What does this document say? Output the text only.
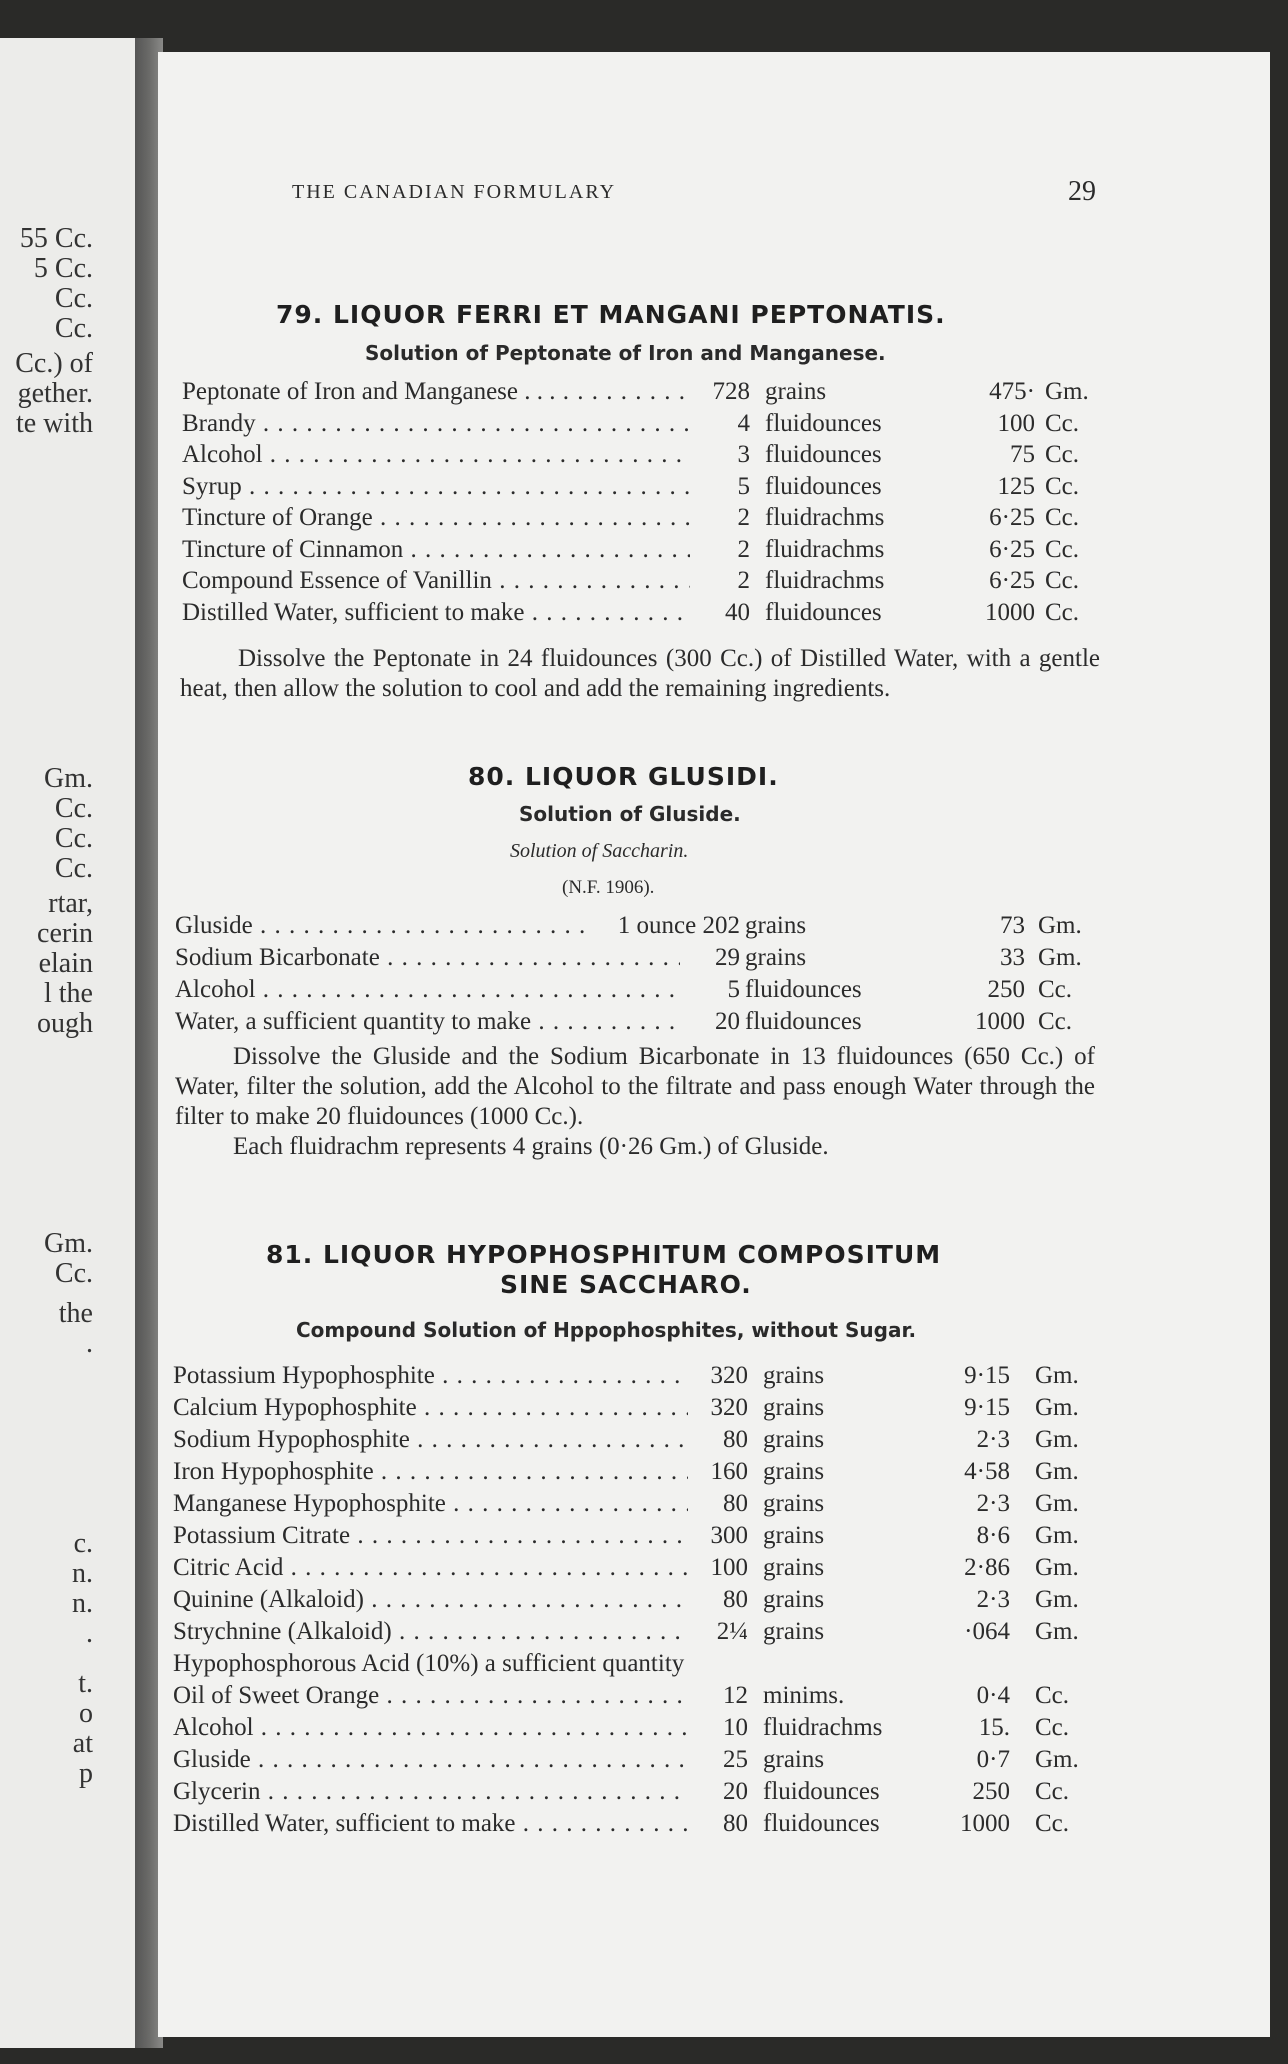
55 Cc.
5 Cc.
Cc.
Cc.
Cc.) of
gether.
te with
Gm.
Cc.
Cc.
Cc.
rtar,
cerin
elain
l the
ough
Gm.
Cc.
the
.
c.
n.
n.
.
t.
o
at
p
THE CANADIAN FORMULARY	29
79. LIQUOR FERRI ET MANGANI PEPTONATIS.
Solution of Peptonate of Iron and Manganese.
Peptonate of Iron and Manganese . . . . . .	728 grains	475· Gm.
Brandy . . .	4 fluidounces	100 Cc.
Alcohol . . .	3 fluidounces	75 Cc.
Syrup . . .	5 fluidounces	125 Cc.
Tincture of Orange . . .	2 fluidrachms	6·25 Cc.
Tincture of Cinnamon . . .	2 fluidrachms	6·25 Cc.
Compound Essence of Vanillin . . .	2 fluidrachms	6·25 Cc.
Distilled Water, sufficient to make . . .	40 fluidounces	1000 Cc.
Dissolve the Peptonate in 24 fluidounces (300 Cc.) of Distilled Water, with a gentle heat, then allow the solution to cool and add the remaining ingredients.
80. LIQUOR GLUSIDI.
Solution of Gluside.
Solution of Saccharin.
(N.F. 1906).
Gluside . . .	1 ounce 202 grains	73 Gm.
Sodium Bicarbonate . . .	29 grains	33 Gm.
Alcohol . . .	5 fluidounces	250 Cc.
Water, a sufficient quantity to make . . .	20 fluidounces	1000 Cc.
Dissolve the Gluside and the Sodium Bicarbonate in 13 fluidounces (650 Cc.) of Water, filter the solution, add the Alcohol to the filtrate and pass enough Water through the filter to make 20 fluidounces (1000 Cc.).
Each fluidrachm represents 4 grains (0·26 Gm.) of Gluside.
81. LIQUOR HYPOPHOSPHITUM COMPOSITUM
SINE SACCHARO.
Compound Solution of Hppophosphites, without Sugar.
Potassium Hypophosphite . . .	320 grains	9·15 Gm.
Calcium Hypophosphite . . .	320 grains	9·15 Gm.
Sodium Hypophosphite . . .	80 grains	2·3 Gm.
Iron Hypophosphite . . .	160 grains	4·58 Gm.
Manganese Hypophosphite . . .	80 grains	2·3 Gm.
Potassium Citrate . . .	300 grains	8·6 Gm.
Citric Acid . . .	100 grains	2·86 Gm.
Quinine (Alkaloid) . . .	80 grains	2·3 Gm.
Strychnine (Alkaloid) . . .	2¼ grains	·064 Gm.
Hypophosphorous Acid (10%) a sufficient quantity
Oil of Sweet Orange . . .	12 minims.	0·4 Cc.
Alcohol . . .	10 fluidrachms	15. Cc.
Gluside . . .	25 grains	0·7 Gm.
Glycerin . . .	20 fluidounces	250 Cc.
Distilled Water, sufficient to make . . .	80 fluidounces	1000 Cc.
